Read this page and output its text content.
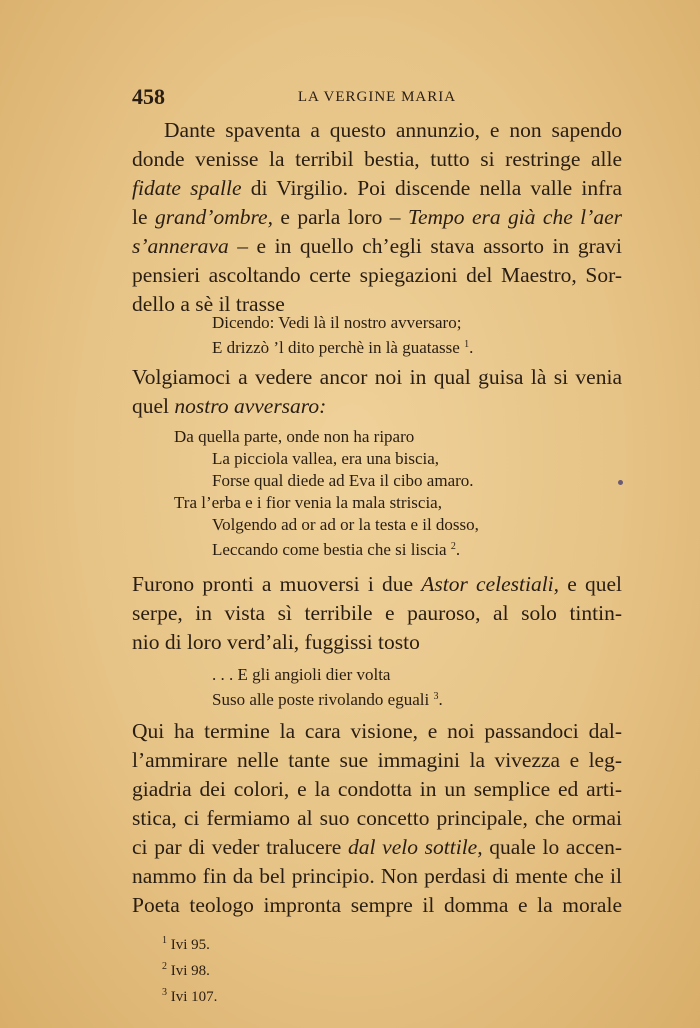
458	LA VERGINE MARIA
Dante spaventa a questo annunzio, e non sapendo
donde venisse la terribil bestia, tutto si restringe alle
fidate spalle di Virgilio. Poi discende nella valle infra
le grand’ombre, e parla loro – Tempo era già che l’aer
s’annerava – e in quello ch’egli stava assorto in gravi
pensieri ascoltando certe spiegazioni del Maestro, Sor-
dello a sè il trasse
Dicendo: Vedi là il nostro avversaro;
E drizzò ’l dito perchè in là guatasse $^1$.
Volgiamoci a vedere ancor noi in qual guisa là si venia
quel nostro avversaro:
Da quella parte, onde non ha riparo
La picciola vallea, era una biscia,
Forse qual diede ad Eva il cibo amaro.
Tra l’erba e i fior venia la mala striscia,
Volgendo ad or ad or la testa e il dosso,
Leccando come bestia che si liscia $^2$.
Furono pronti a muoversi i due Astor celestiali, e quel
serpe, in vista sì terribile e pauroso, al solo tintin-
nio di loro verd’ali, fuggissi tosto
. . . E gli angioli dier volta
Suso alle poste rivolando eguali $^3$.
Qui ha termine la cara visione, e noi passandoci dal-
l’ammirare nelle tante sue immagini la vivezza e leg-
giadria dei colori, e la condotta in un semplice ed arti-
stica, ci fermiamo al suo concetto principale, che ormai
ci par di veder tralucere dal velo sottile, quale lo accen-
nammo fin da bel principio. Non perdasi di mente che il
Poeta teologo impronta sempre il domma e la morale
$^1$ Ivi 95.
$^2$ Ivi 98.
$^3$ Ivi 107.
